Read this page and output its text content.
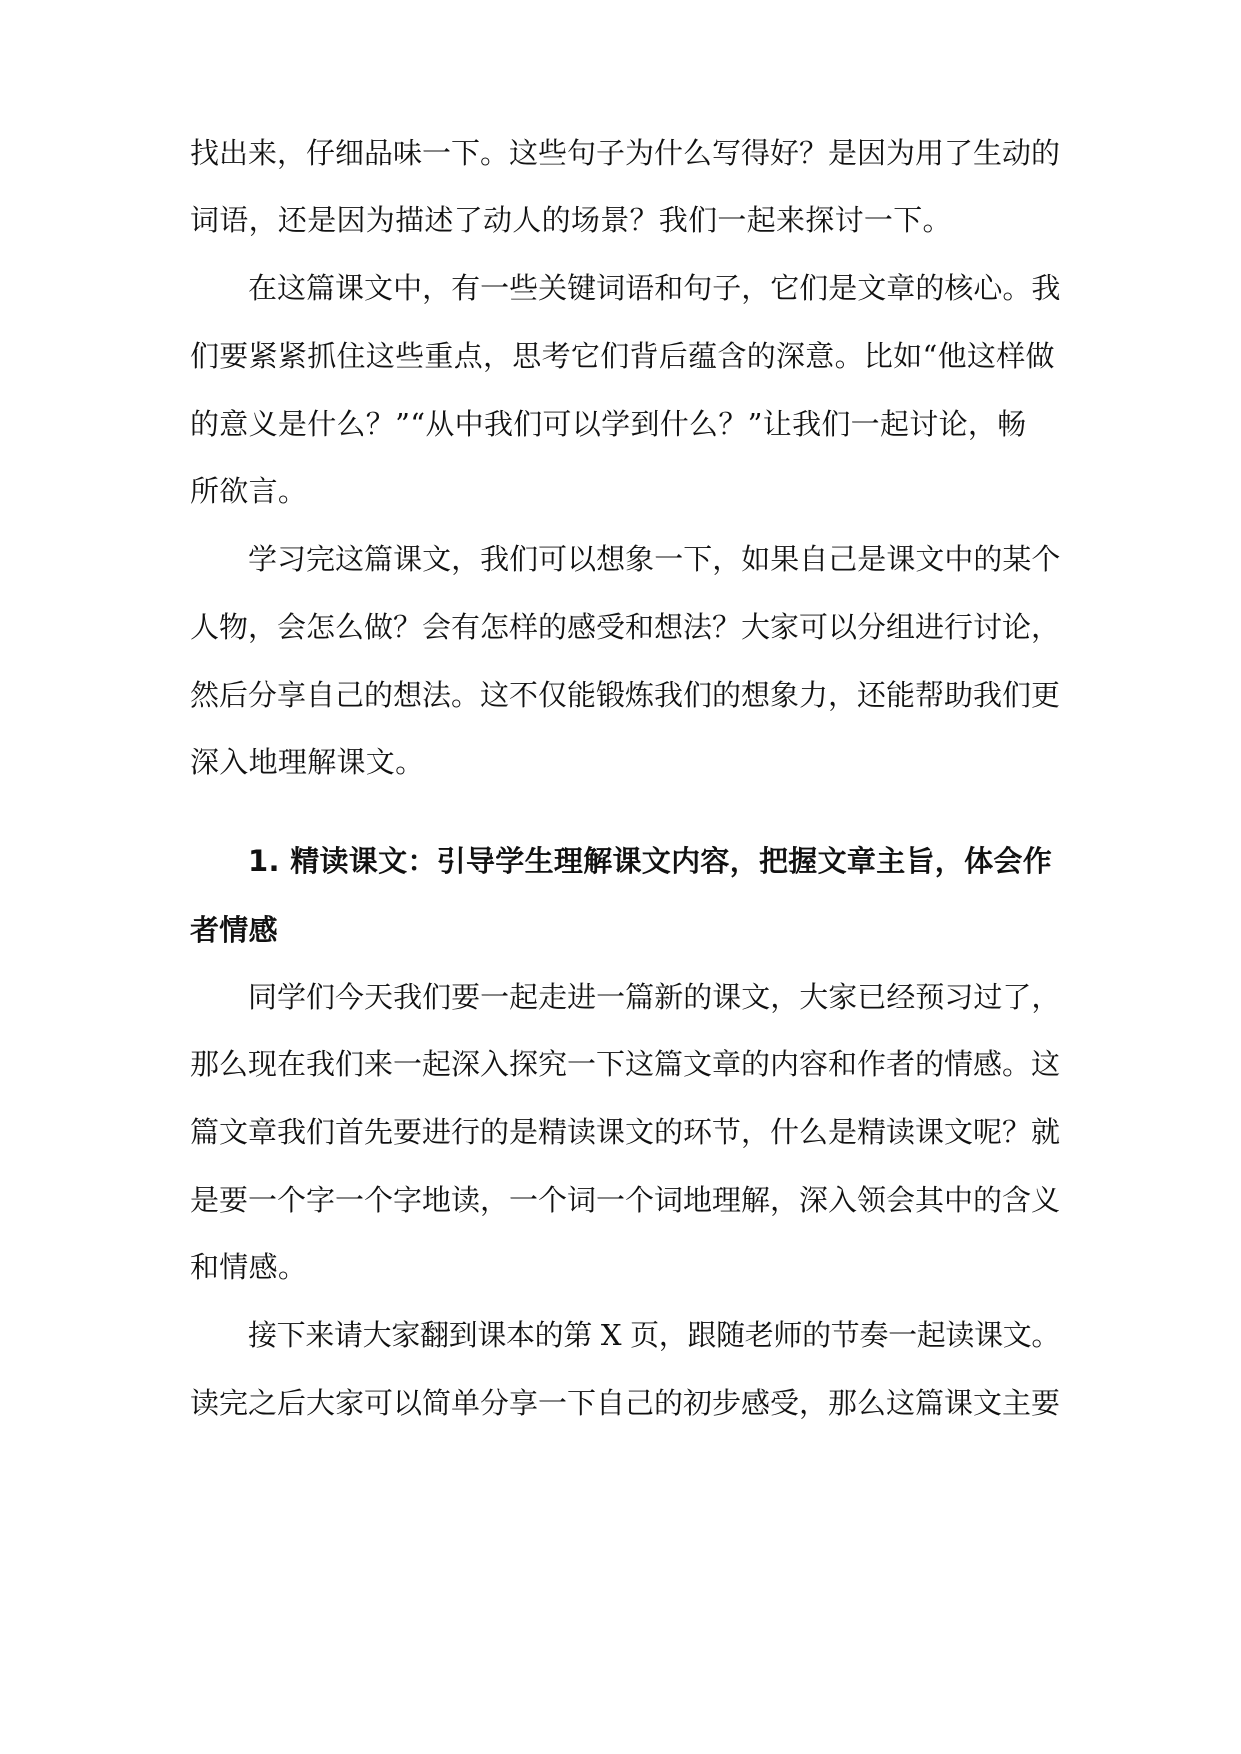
找出来，仔细品味一下。这些句子为什么写得好？是因为用了生动的
词语，还是因为描述了动人的场景？我们一起来探讨一下。
在这篇课文中，有一些关键词语和句子，它们是文章的核心。我
们要紧紧抓住这些重点，思考它们背后蕴含的深意。比如“他这样做
的意义是什么？”“从中我们可以学到什么？”让我们一起讨论，畅
所欲言。
学习完这篇课文，我们可以想象一下，如果自己是课文中的某个
人物，会怎么做？会有怎样的感受和想法？大家可以分组进行讨论，
然后分享自己的想法。这不仅能锻炼我们的想象力，还能帮助我们更
深入地理解课文。
1. 精读课文：引导学生理解课文内容，把握文章主旨，体会作
者情感
同学们今天我们要一起走进一篇新的课文，大家已经预习过了，
那么现在我们来一起深入探究一下这篇文章的内容和作者的情感。这
篇文章我们首先要进行的是精读课文的环节，什么是精读课文呢？就
是要一个字一个字地读，一个词一个词地理解，深入领会其中的含义
和情感。
接下来请大家翻到课本的第 X 页，跟随老师的节奏一起读课文。
读完之后大家可以简单分享一下自己的初步感受，那么这篇课文主要
